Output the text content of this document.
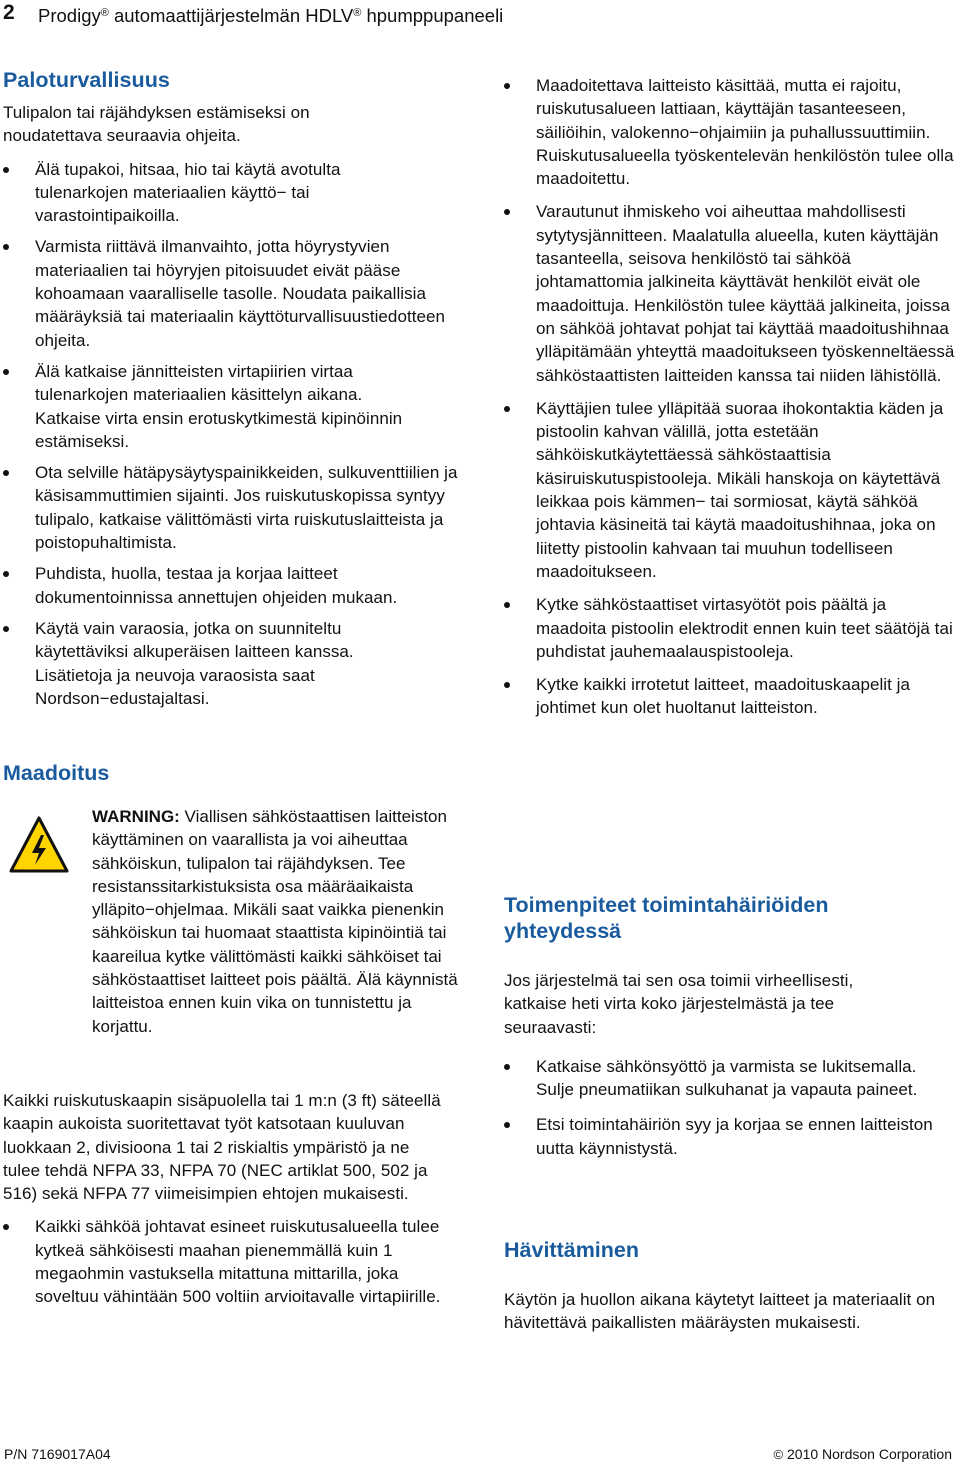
2 Prodigy® automaattijärjestelmän HDLV® hpumppupaneeli
Paloturvallisuus

Tulipalon tai räjähdyksen estämiseksi on noudatettava seuraavia ohjeita.

Älä tupakoi, hitsaa, hio tai käytä avotulta tulenarkojen materiaalien käyttö− tai varastointipaikoilla.
Varmista riittävä ilmanvaihto, jotta höyrystyvien materiaalien tai höyryjen pitoisuudet eivät pääse kohoamaan vaaralliselle tasolle. Noudata paikallisia määräyksiä tai materiaalin käyttöturvallisuustiedotteen ohjeita.
Älä katkaise jännitteisten virtapiirien virtaa tulenarkojen materiaalien käsittelyn aikana. Katkaise virta ensin erotuskytkimestä kipinöinnin estämiseksi.
Ota selville hätäpysäytyspainikkeiden, sulkuventtiilien ja käsisammuttimien sijainti. Jos ruiskutuskopissa syntyy tulipalo, katkaise välittömästi virta ruiskutuslaitteista ja poistopuhaltimista.
Puhdista, huolla, testaa ja korjaa laitteet dokumentoinnissa annettujen ohjeiden mukaan.
Käytä vain varaosia, jotka on suunniteltu käytettäviksi alkuperäisen laitteen kanssa. Lisätietoja ja neuvoja varaosista saat Nordson−edustajaltasi.
Maadoitus
WARNING: Viallisen sähköstaattisen laitteiston käyttäminen on vaarallista ja voi aiheuttaa sähköiskun, tulipalon tai räjähdyksen. Tee resistanssitarkistuksista osa määräaikaista ylläpito−ohjelmaa. Mikäli saat vaikka pienenkin sähköiskun tai huomaat staattista kipinöintiä tai kaareilua kytke välittömästi kaikki sähköiset tai sähköstaattiset laitteet pois päältä. Älä käynnistä laitteistoa ennen kuin vika on tunnistettu ja korjattu.

Kaikki ruiskutuskaapin sisäpuolella tai 1 m:n (3 ft) säteellä kaapin aukoista suoritettavat työt katsotaan kuuluvan luokkaan 2, divisioona 1 tai 2 riskialtis ympäristö ja ne tulee tehdä NFPA 33, NFPA 70 (NEC artiklat 500, 502 ja 516) sekä NFPA 77 viimeisimpien ehtojen mukaisesti.

Kaikki sähköä johtavat esineet ruiskutusalueella tulee kytkeä sähköisesti maahan pienemmällä kuin 1 megaohmin vastuksella mitattuna mittarilla, joka soveltuu vähintään 500 voltiin arvioitavalle virtapiirille.
Maadoitettava laitteisto käsittää, mutta ei rajoitu, ruiskutusalueen lattiaan, käyttäjän tasanteeseen, säiliöihin, valokenno−ohjaimiin ja puhallussuuttimiin. Ruiskutusalueella työskentelevän henkilöstön tulee olla maadoitettu.
Varautunut ihmiskeho voi aiheuttaa mahdollisesti sytytysjännitteen. Maalatulla alueella, kuten käyttäjän tasanteella, seisova henkilöstö tai sähköä johtamattomia jalkineita käyttävät henkilöt eivät ole maadoittuja. Henkilöstön tulee käyttää jalkineita, joissa on sähköä johtavat pohjat tai käyttää maadoitushihnaa ylläpitämään yhteyttä maadoitukseen työskenneltäessä sähköstaattisten laitteiden kanssa tai niiden lähistöllä.
Käyttäjien tulee ylläpitää suoraa ihokontaktia käden ja pistoolin kahvan välillä, jotta estetään sähköiskutkäytettäessä sähköstaattisia käsiruiskutuspistooleja. Mikäli hanskoja on käytettävä leikkaa pois kämmen− tai sormiosat, käytä sähköä johtavia käsineitä tai käytä maadoitushihnaa, joka on liitetty pistoolin kahvaan tai muuhun todelliseen maadoitukseen.
Kytke sähköstaattiset virtasyötöt pois päältä ja maadoita pistoolin elektrodit ennen kuin teet säätöjä tai puhdistat jauhemaalauspistooleja.
Kytke kaikki irrotetut laitteet, maadoituskaapelit ja johtimet kun olet huoltanut laitteiston.
Toimenpiteet toimintahäiriöiden yhteydessä

Jos järjestelmä tai sen osa toimii virheellisesti, katkaise heti virta koko järjestelmästä ja tee seuraavasti:

Katkaise sähkönsyöttö ja varmista se lukitsemalla. Sulje pneumatiikan sulkuhanat ja vapauta paineet.
Etsi toimintahäiriön syy ja korjaa se ennen laitteiston uutta käynnistystä.
Hävittäminen

Käytön ja huollon aikana käytetyt laitteet ja materiaalit on hävitettävä paikallisten määräysten mukaisesti.

P/N 7169017A04	© 2010 Nordson Corporation
